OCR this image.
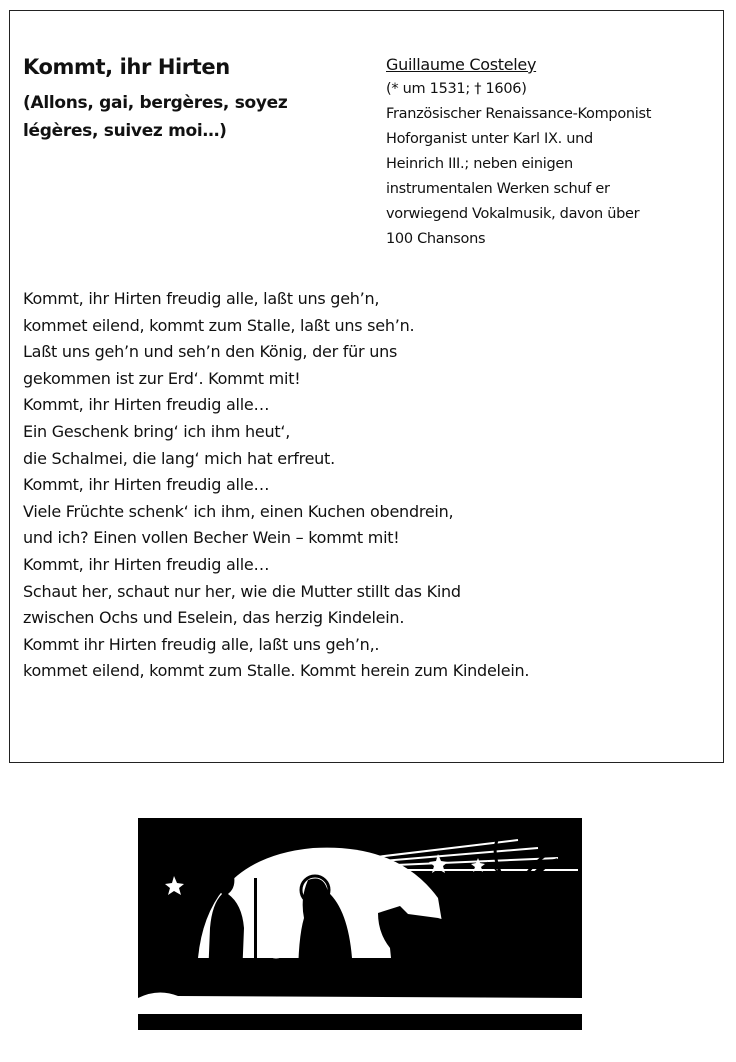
Kommt, ihr Hirten

(Allons, gai, bergères, soyez légères, suivez moi…)

Guillaume Costeley
(* um 1531; † 1606)
Französischer Renaissance-Komponist
Hoforganist unter Karl IX. und
Heinrich III.; neben einigen
instrumentalen Werken schuf er
vorwiegend Vokalmusik, davon über
100 Chansons
Kommt, ihr Hirten freudig alle, laßt uns geh’n,
kommet eilend, kommt zum Stalle, laßt uns seh’n.
Laßt uns geh’n und seh’n den König, der für uns
gekommen ist zur Erd‘. Kommt mit!
Kommt, ihr Hirten freudig alle…
Ein Geschenk bring‘ ich ihm heut‘,
die Schalmei, die lang‘ mich hat erfreut.
Kommt, ihr Hirten freudig alle…
Viele Früchte schenk‘ ich ihm, einen Kuchen obendrein,
und ich? Einen vollen Becher Wein – kommt mit!
Kommt, ihr Hirten freudig alle…
Schaut her, schaut nur her, wie die Mutter stillt das Kind
zwischen Ochs und Eselein, das herzig Kindelein.
Kommt ihr Hirten freudig alle, laßt uns geh’n,.
kommet eilend, kommt zum Stalle. Kommt herein zum Kindelein.
